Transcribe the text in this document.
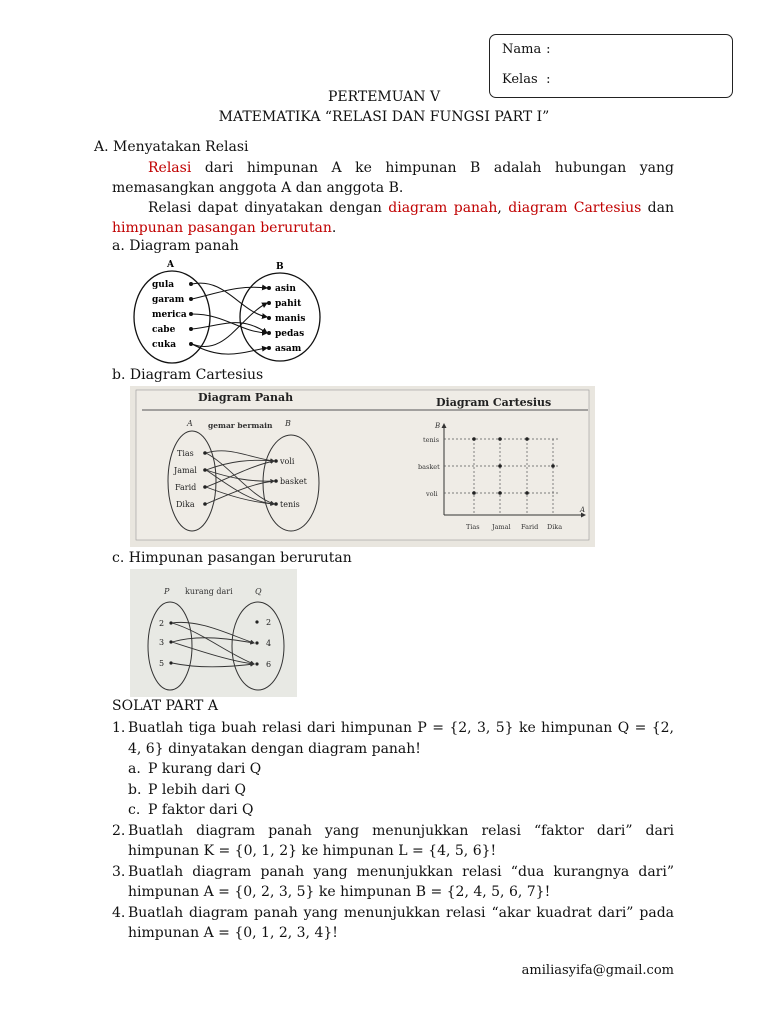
Nama :
Kelas :
PERTEMUAN V
MATEMATIKA “RELASI DAN FUNGSI PART I”
A. Menyatakan Relasi
Relasi dari himpunan A ke himpunan B adalah hubungan yang memasangkan anggota A dan anggota B.
Relasi dapat dinyatakan dengan diagram panah, diagram Cartesius dan himpunan pasangan berurutan.
a. Diagram panah
A	B
gula
garam
merica
cabe
cuka
asin
pahit
manis
pedas
asam
b. Diagram Cartesius
Diagram Panah	Diagram Cartesius
gemar bermain
A	B
Tias
Jamal
Farid
Dika
voli
basket
tenis
B
A
tenis
basket
voli
Tias Jamal Farid Dika
c. Himpunan pasangan berurutan
P kurang dari	Q
2
3
5
2
4
6
SOLAT PART A
1. Buatlah tiga buah relasi dari himpunan P = {2, 3, 5} ke himpunan Q = {2, 4, 6} dinyatakan dengan diagram panah!
a. P kurang dari Q
b. P lebih dari Q
c. P faktor dari Q
2. Buatlah diagram panah yang menunjukkan relasi “faktor dari” dari himpunan K = {0, 1, 2} ke himpunan L = {4, 5, 6}!
3. Buatlah diagram panah yang menunjukkan relasi “dua kurangnya dari” himpunan A = {0, 2, 3, 5} ke himpunan B = {2, 4, 5, 6, 7}!
4. Buatlah diagram panah yang menunjukkan relasi “akar kuadrat dari” pada himpunan A = {0, 1, 2, 3, 4}!
amiliasyifa@gmail.com
